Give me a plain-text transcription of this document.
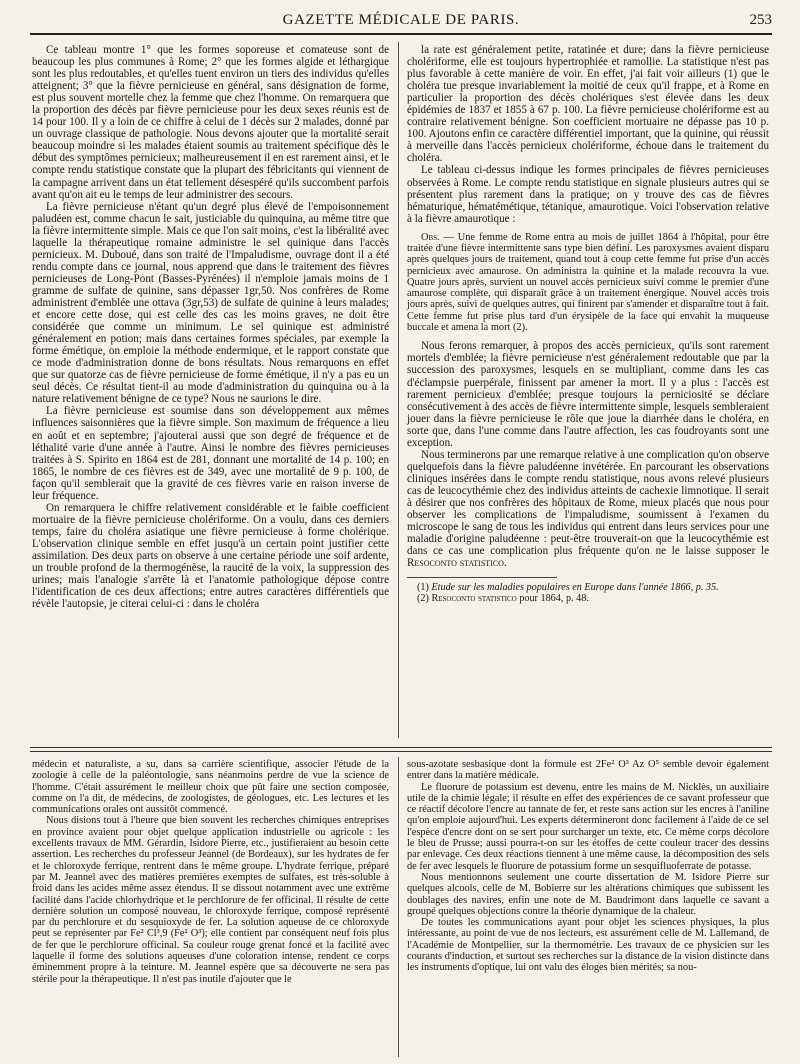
GAZETTE MÉDICALE DE PARIS.	253

Ce tableau montre 1° que les formes soporeuse et comateuse sont de beaucoup les plus communes à Rome; 2° que les formes algide et léthargique sont les plus redoutables, et qu'elles tuent environ un tiers des individus qu'elles atteignent; 3° que la fièvre pernicieuse en général, sans désignation de forme, est plus souvent mortelle chez la femme que chez l'homme. On remarquera que la proportion des décès par fièvre pernicieuse pour les deux sexes réunis est de 14 pour 100. Il y a loin de ce chiffre à celui de 1 décès sur 2 malades, donné par un ouvrage classique de pathologie. Nous devons ajouter que la mortalité serait beaucoup moindre si les malades étaient soumis au traitement spécifique dès le début des symptômes pernicieux; malheureusement il en est rarement ainsi, et le compte rendu statistique constate que la plupart des fébricitants qui viennent de la campagne arrivent dans un état tellement désespéré qu'ils succombent parfois avant qu'on ait eu le temps de leur administrer des secours.

La fièvre pernicieuse n'étant qu'un degré plus élevé de l'empoisonnement paludéen est, comme chacun le sait, justiciable du quinquina, au même titre que la fièvre intermittente simple. Mais ce que l'on sait moins, c'est la libéralité avec laquelle la thérapeutique romaine administre le sel quinique dans l'accès pernicieux. M. Duboué, dans son traité de l'Impaludisme, ouvrage dont il a été rendu compte dans ce journal, nous apprend que dans le traitement des fièvres pernicieuses de Long-Pont (Basses-Pyrénées) il n'emploie jamais moins de 1 gramme de sulfate de quinine, sans dépasser 1gr,50. Nos confrères de Rome administrent d'emblée une ottava (3gr,53) de sulfate de quinine à leurs malades; et encore cette dose, qui est celle des cas les moins graves, ne doit être considérée que comme un minimum. Le sel quinique est administré généralement en potion; mais dans certaines formes spéciales, par exemple la forme émétique, on emploie la méthode endermique, et le rapport constate que ce mode d'administration donne de bons résultats. Nous remarquons en effet que sur quatorze cas de fièvre pernicieuse de forme émétique, il n'y a pas eu un seul décès. Ce résultat tient-il au mode d'administration du quinquina ou à la nature relativement bénigne de ce type? Nous ne saurions le dire.

La fièvre pernicieuse est soumise dans son développement aux mêmes influences saisonnières que la fièvre simple. Son maximum de fréquence a lieu en août et en septembre; j'ajouterai aussi que son degré de fréquence et de léthalité varie d'une année à l'autre. Ainsi le nombre des fièvres pernicieuses traitées à S. Spirito en 1864 est de 281, donnant une mortalité de 14 p. 100; en 1865, le nombre de ces fièvres est de 349, avec une mortalité de 9 p. 100, de façon qu'il semblerait que la gravité de ces fièvres varie en raison inverse de leur fréquence.

On remarquera le chiffre relativement considérable et le faible coefficient mortuaire de la fièvre pernicieuse cholériforme. On a voulu, dans ces derniers temps, faire du choléra asiatique une fièvre pernicieuse à forme cholérique. L'observation clinique semble en effet jusqu'à un certain point justifier cette assimilation. Des deux parts on observe à une certaine période une soif ardente, un trouble profond de la thermogénèse, la raucité de la voix, la suppression des urines; mais l'analogie s'arrête là et l'anatomie pathologique dépose contre l'identification de ces deux affections; entre autres caractères différentiels que révèle l'autopsie, je citerai celui-ci : dans le choléra

la rate est généralement petite, ratatinée et dure; dans la fièvre pernicieuse cholériforme, elle est toujours hypertrophiée et ramollie. La statistique n'est pas plus favorable à cette manière de voir. En effet, j'ai fait voir ailleurs (1) que le choléra tue presque invariablement la moitié de ceux qu'il frappe, et à Rome en particulier la proportion des décès cholériques s'est élevée dans les deux épidémies de 1837 et 1855 à 67 p. 100. La fièvre pernicieuse cholériforme est au contraire relativement bénigne. Son coefficient mortuaire ne dépasse pas 10 p. 100. Ajoutons enfin ce caractère différentiel important, que la quinine, qui réussit à merveille dans l'accès pernicieux cholériforme, échoue dans le traitement du choléra.

Le tableau ci-dessus indique les formes principales de fièvres pernicieuses observées à Rome. Le compte rendu statistique en signale plusieurs autres qui se présentent plus rarement dans la pratique; on y trouve des cas de fièvres hématurique, hématémétique, tétanique, amaurotique. Voici l'observation relative à la fièvre amaurotique :

Obs. — Une femme de Rome entra au mois de juillet 1864 à l'hôpital, pour être traitée d'une fièvre intermittente sans type bien défini. Les paroxysmes avaient disparu après quelques jours de traitement, quand tout à coup cette femme fut prise d'un accès pernicieux avec amaurose. On administra la quinine et la malade recouvra la vue. Quatre jours après, survient un nouvel accès pernicieux suivi comme le premier d'une amaurose complète, qui disparaît grâce à un traitement énergique. Nouvel accès trois jours après, suivi de quelques autres, qui finirent par s'amender et disparaître tout à fait. Cette femme fut prise plus tard d'un érysipèle de la face qui envahit la muqueuse buccale et amena la mort (2).

Nous ferons remarquer, à propos des accès pernicieux, qu'ils sont rarement mortels d'emblée; la fièvre pernicieuse n'est généralement redoutable que par la succession des paroxysmes, lesquels en se multipliant, comme dans les cas d'éclampsie puerpérale, finissent par amener la mort. Il y a plus : l'accès est rarement pernicieux d'emblée; presque toujours la perniciosité se déclare consécutivement à des accès de fièvre intermittente simple, lesquels sembleraient jouer dans la fièvre pernicieuse le rôle que joue la diarrhée dans le choléra, en sorte que, dans l'une comme dans l'autre affection, les cas foudroyants sont une exception.

Nous terminerons par une remarque relative à une complication qu'on observe quelquefois dans la fièvre paludéenne invétérée. En parcourant les observations cliniques insérées dans le compte rendu statistique, nous avons relevé plusieurs cas de leucocythémie chez des individus atteints de cachexie limnotique. Il serait à désirer que nos confrères des hôpitaux de Rome, mieux placés que nous pour observer les complications de l'impaludisme, soumissent à l'examen du microscope le sang de tous les individus qui entrent dans leurs services pour une maladie d'origine paludéenne : peut-être trouverait-on que la leucocythémie est dans ce cas une complication plus fréquente qu'on ne le laisse supposer le Resoconto statistico.

(1) Etude sur les maladies populaires en Europe dans l'année 1866, p. 35.

(2) Resoconto statistico pour 1864, p. 48.

médecin et naturaliste, a su, dans sa carrière scientifique, associer l'étude de la zoologie à celle de la paléontologie, sans néanmoins perdre de vue la science de l'homme. C'était assurément le meilleur choix que pût faire une section composée, comme on l'a dit, de médecins, de zoologistes, de géologues, etc. Les lectures et les communications orales ont aussitôt commencé.

Nous disions tout à l'heure que bien souvent les recherches chimiques entreprises en province avaient pour objet quelque application industrielle ou agricole : les excellents travaux de MM. Gérardin, Isidore Pierre, etc., justifieraient au besoin cette assertion. Les recherches du professeur Jeannel (de Bordeaux), sur les hydrates de fer et le chloroxyde ferrique, rentrent dans le même groupe. L'hydrate ferrique, préparé par M. Jeannel avec des matières premières exemptes de sulfates, est très-soluble à froid dans les acides même assez étendus. Il se dissout notamment avec une extrême facilité dans l'acide chlorhydrique et le perchlorure de fer officinal. Il résulte de cette dernière solution un composé nouveau, le chloroxyde ferrique, composé représenté par du perchlorure et du sesquioxyde de fer. La solution aqueuse de ce chloroxyde peut se représenter par Fe² Cl³,9 (Fe² O³); elle contient par conséquent neuf fois plus de fer que le perchlorure officinal. Sa couleur rouge grenat foncé et la facilité avec laquelle il forme des solutions aqueuses d'une coloration intense, rendent ce corps éminemment propre à la teinture. M. Jeannel espère que sa découverte ne sera pas stérile pour la thérapeutique. Il n'est pas inutile d'ajouter que le

sous-azotate sesbasique dont la formule est 2Fe² O³ Az O⁵ semble devoir également entrer dans la matière médicale.

Le fluorure de potassium est devenu, entre les mains de M. Nicklès, un auxiliaire utile de la chimie légale; il résulte en effet des expériences de ce savant professeur que ce réactif décolore l'encre au tannate de fer, et reste sans action sur les encres à l'aniline qu'on emploie aujourd'hui. Les experts détermineront donc facilement à l'aide de ce sel l'espèce d'encre dont on se sert pour surcharger un texte, etc. Ce même corps décolore le bleu de Prusse; aussi pourra-t-on sur les étoffes de cette couleur tracer des dessins par enlevage. Ces deux réactions tiennent à une même cause, la décomposition des sels de fer avec lesquels le fluorure de potassium forme un sesquifluoferrate de potasse.

Nous mentionnons seulement une courte dissertation de M. Isidore Pierre sur quelques alcools, celle de M. Bobierre sur les altérations chimiques que subissent les doublages des navires, enfin une note de M. Baudrimont dans laquelle ce savant a groupé quelques objections contre la théorie dynamique de la chaleur.

De toutes les communications ayant pour objet les sciences physiques, la plus intéressante, au point de vue de nos lecteurs, est assurément celle de M. Lallemand, de l'Académie de Montpellier, sur la thermométrie. Les travaux de ce physicien sur les courants d'induction, et surtout ses recherches sur la distance de la vision distincte dans les instruments d'optique, lui ont valu des éloges bien mérités; sa nou-
